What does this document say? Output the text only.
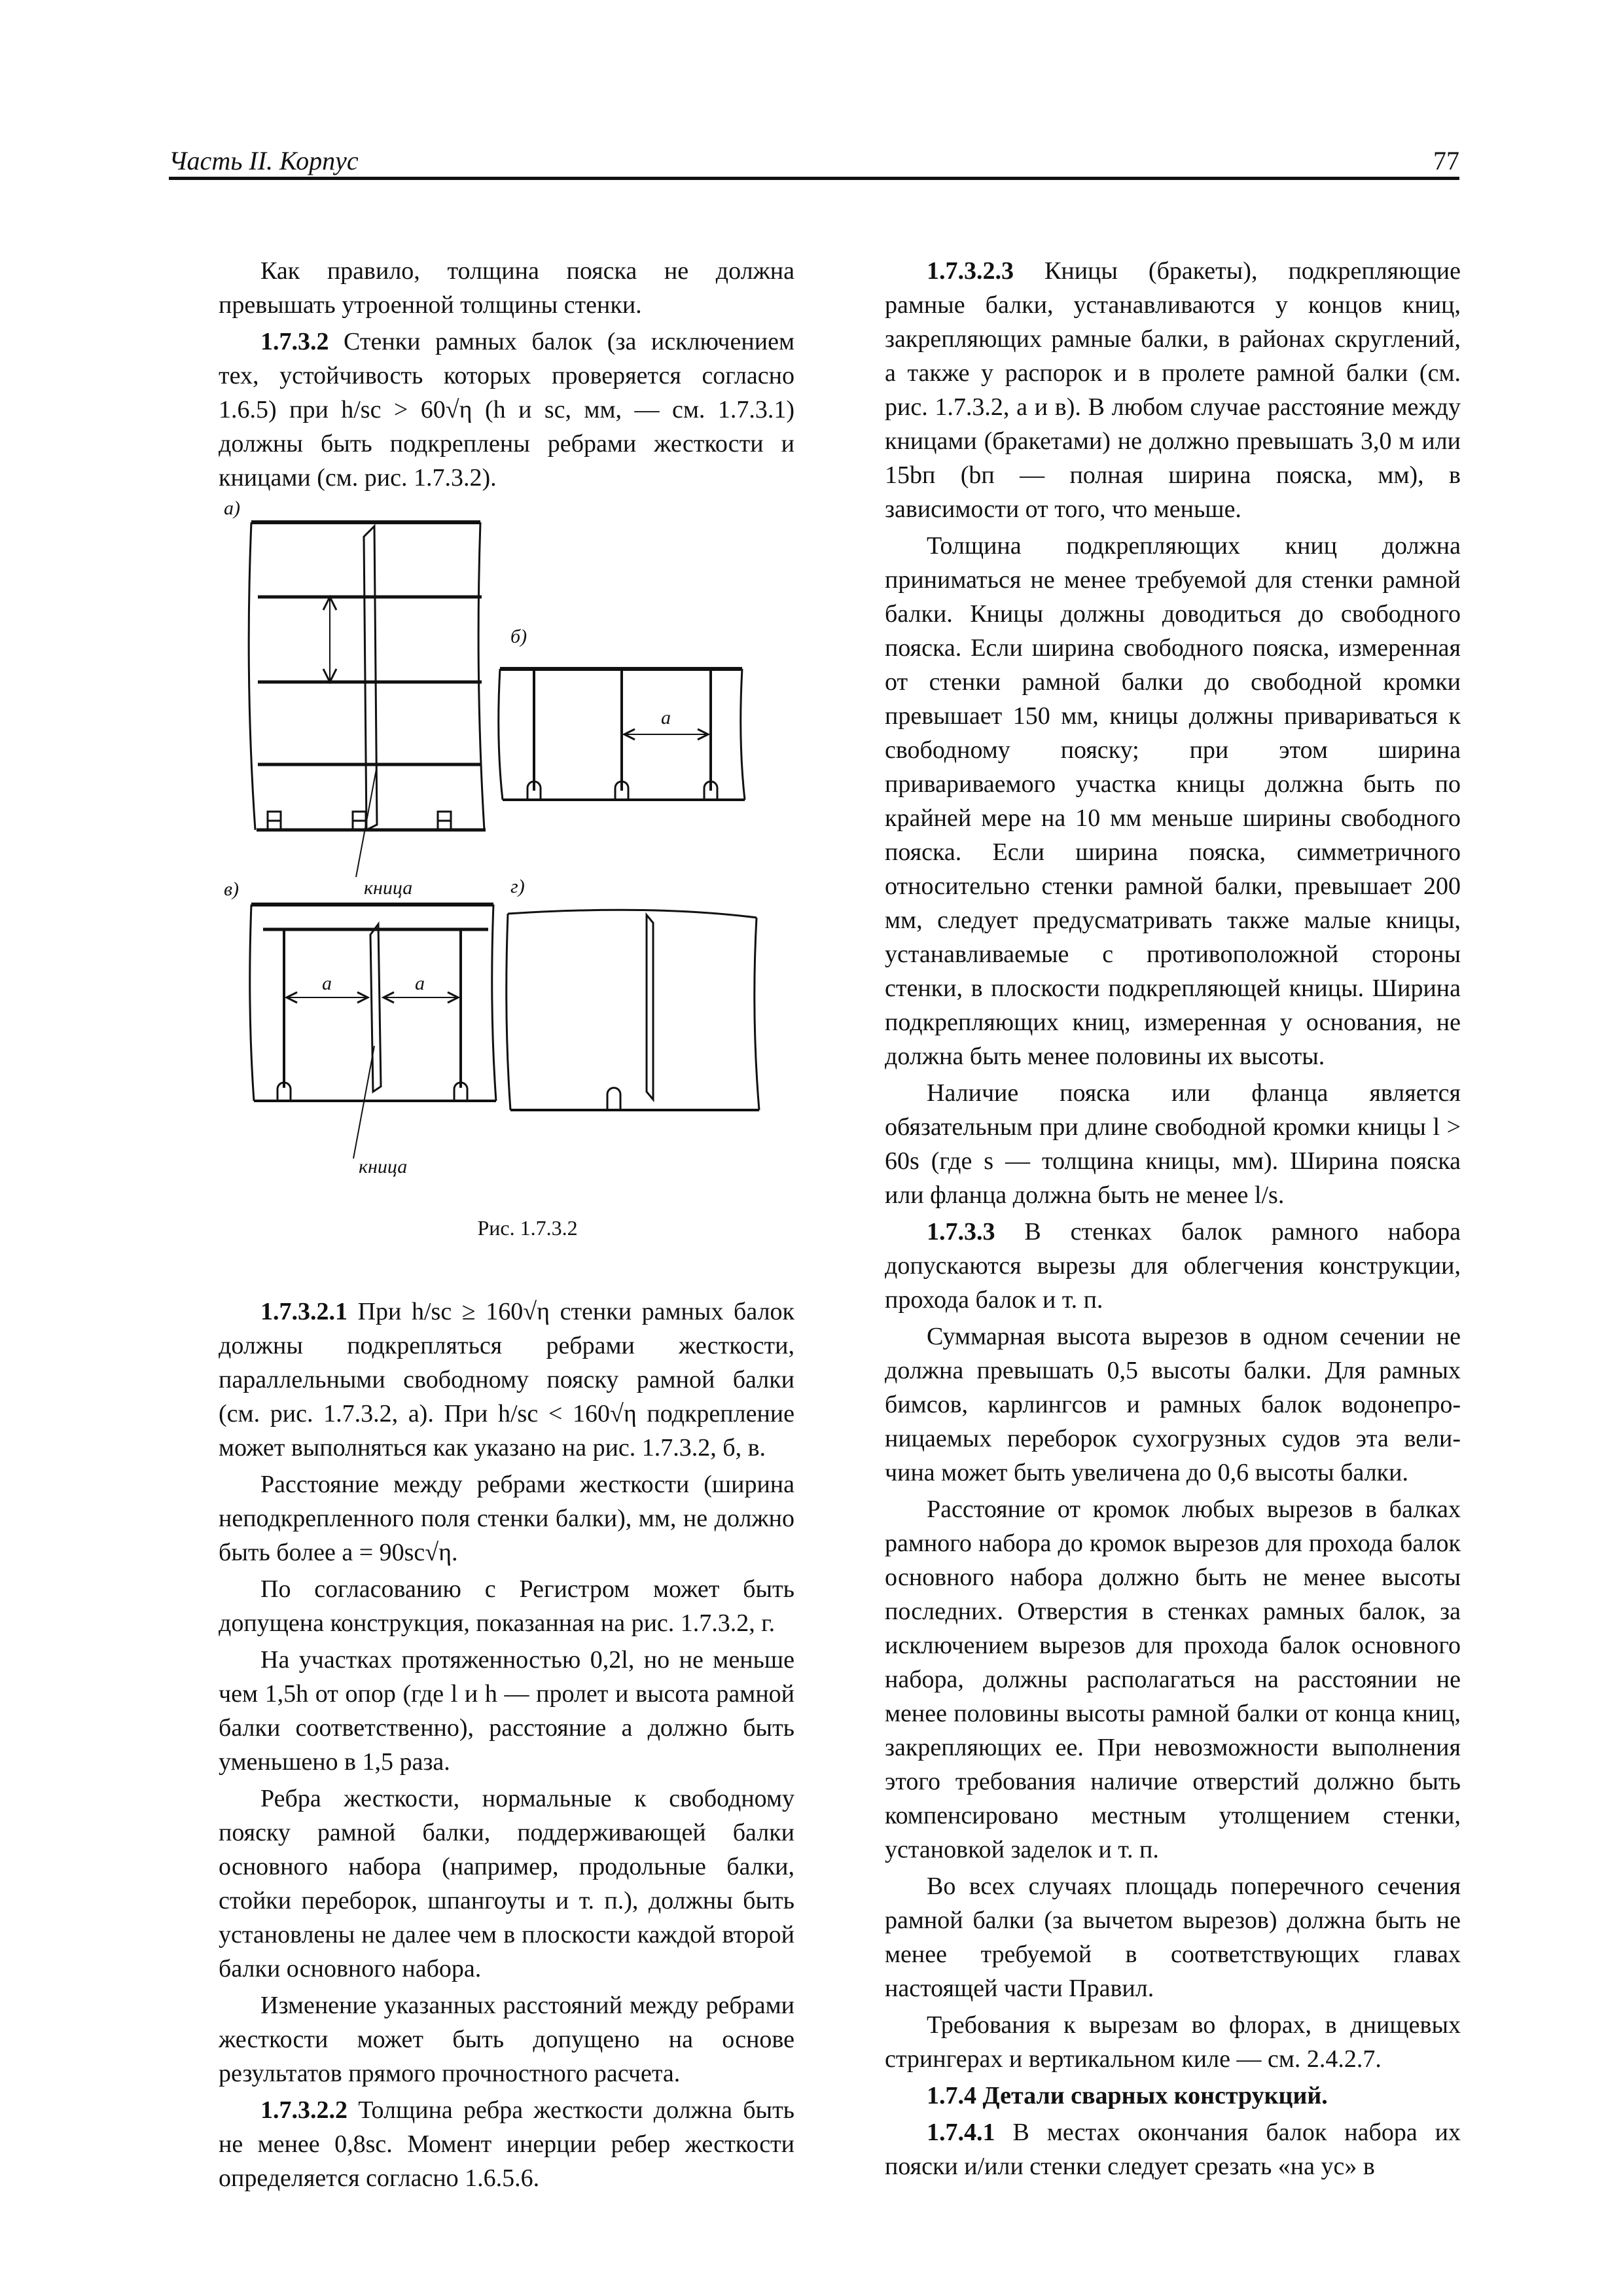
Часть II. Корпус	77

Как правило, толщина пояска не должна превышать утроенной толщины стенки.

1.7.3.2 Стенки рамных балок (за исключением тех, устойчивость которых проверяется согласно 1.6.5) при h/sc > 60√η (h и sc, мм, — см. 1.7.3.1) должны быть подкреплены ребрами жесткости и кницами (см. рис. 1.7.3.2).

а)
б)
в)	г)
a
a	a
кница
кница

Рис. 1.7.3.2

1.7.3.2.1 При h/sc ≥ 160√η стенки рамных балок должны подкрепляться ребрами жесткости, параллельными свободному пояску рамной балки (см. рис. 1.7.3.2, а). При h/sc < 160√η подкрепление может выполняться как указано на рис. 1.7.3.2, б, в.

Расстояние между ребрами жесткости (ширина неподкрепленного поля стенки балки), мм, не должно быть более a = 90sc√η.

По согласованию с Регистром может быть допущена конструкция, показанная на рис. 1.7.3.2, г.

На участках протяженностью 0,2l, но не меньше чем 1,5h от опор (где l и h — пролет и высота рамной балки соответственно), расстояние a должно быть уменьшено в 1,5 раза.

Ребра жесткости, нормальные к свободному пояску рамной балки, поддерживающей балки основного набора (например, продольные балки, стойки переборок, шпангоуты и т. п.), должны быть установлены не далее чем в плоскости каждой второй балки основного набора.

Изменение указанных расстояний между ребрами жесткости может быть допущено на основе результатов прямого прочностного расчета.

1.7.3.2.2 Толщина ребра жесткости должна быть не менее 0,8sc. Момент инерции ребер жесткости определяется согласно 1.6.5.6.

1.7.3.2.3 Кницы (бракеты), подкрепляющие рамные балки, устанавливаются у концов книц, закрепляющих рамные балки, в районах скруглений, а также у распорок и в пролете рамной балки (см. рис. 1.7.3.2, а и в). В любом случае расстояние между кницами (бракетами) не должно превышать 3,0 м или 15bп (bп — полная ширина пояска, мм), в зависимости от того, что меньше.

Толщина подкрепляющих книц должна приниматься не менее требуемой для стенки рамной балки. Кницы должны доводиться до свободного пояска. Если ширина свободного пояска, измеренная от стенки рамной балки до свободной кромки превышает 150 мм, кницы должны привариваться к свободному пояску; при этом ширина привариваемого участка кницы должна быть по крайней мере на 10 мм меньше ширины свободного пояска. Если ширина пояска, симметричного относительно стенки рамной балки, превышает 200 мм, следует предусматривать также малые кницы, устанавливаемые с противоположной стороны стенки, в плоскости подкрепляющей кницы. Ширина подкрепляющих книц, измеренная у основания, не должна быть менее половины их высоты.

Наличие пояска или фланца является обязательным при длине свободной кромки кницы l > 60s (где s — толщина кницы, мм). Ширина пояска или фланца должна быть не менее l/s.

1.7.3.3 В стенках балок рамного набора допускаются вырезы для облегчения конструкции, прохода балок и т. п.

Суммарная высота вырезов в одном сечении не должна превышать 0,5 высоты балки. Для рамных бимсов, карлингсов и рамных балок водонепро-ницаемых переборок сухогрузных судов эта вели-чина может быть увеличена до 0,6 высоты балки.

Расстояние от кромок любых вырезов в балках рамного набора до кромок вырезов для прохода балок основного набора должно быть не менее высоты последних. Отверстия в стенках рамных балок, за исключением вырезов для прохода балок основного набора, должны располагаться на расстоянии не менее половины высоты рамной балки от конца книц, закрепляющих ее. При невозможности выполнения этого требования наличие отверстий должно быть компенсировано местным утолщением стенки, установкой заделок и т. п.

Во всех случаях площадь поперечного сечения рамной балки (за вычетом вырезов) должна быть не менее требуемой в соответствующих главах настоящей части Правил.

Требования к вырезам во флорах, в днищевых стрингерах и вертикальном киле — см. 2.4.2.7.

1.7.4 Детали сварных конструкций.

1.7.4.1 В местах окончания балок набора их пояски и/или стенки следует срезать «на ус» в
